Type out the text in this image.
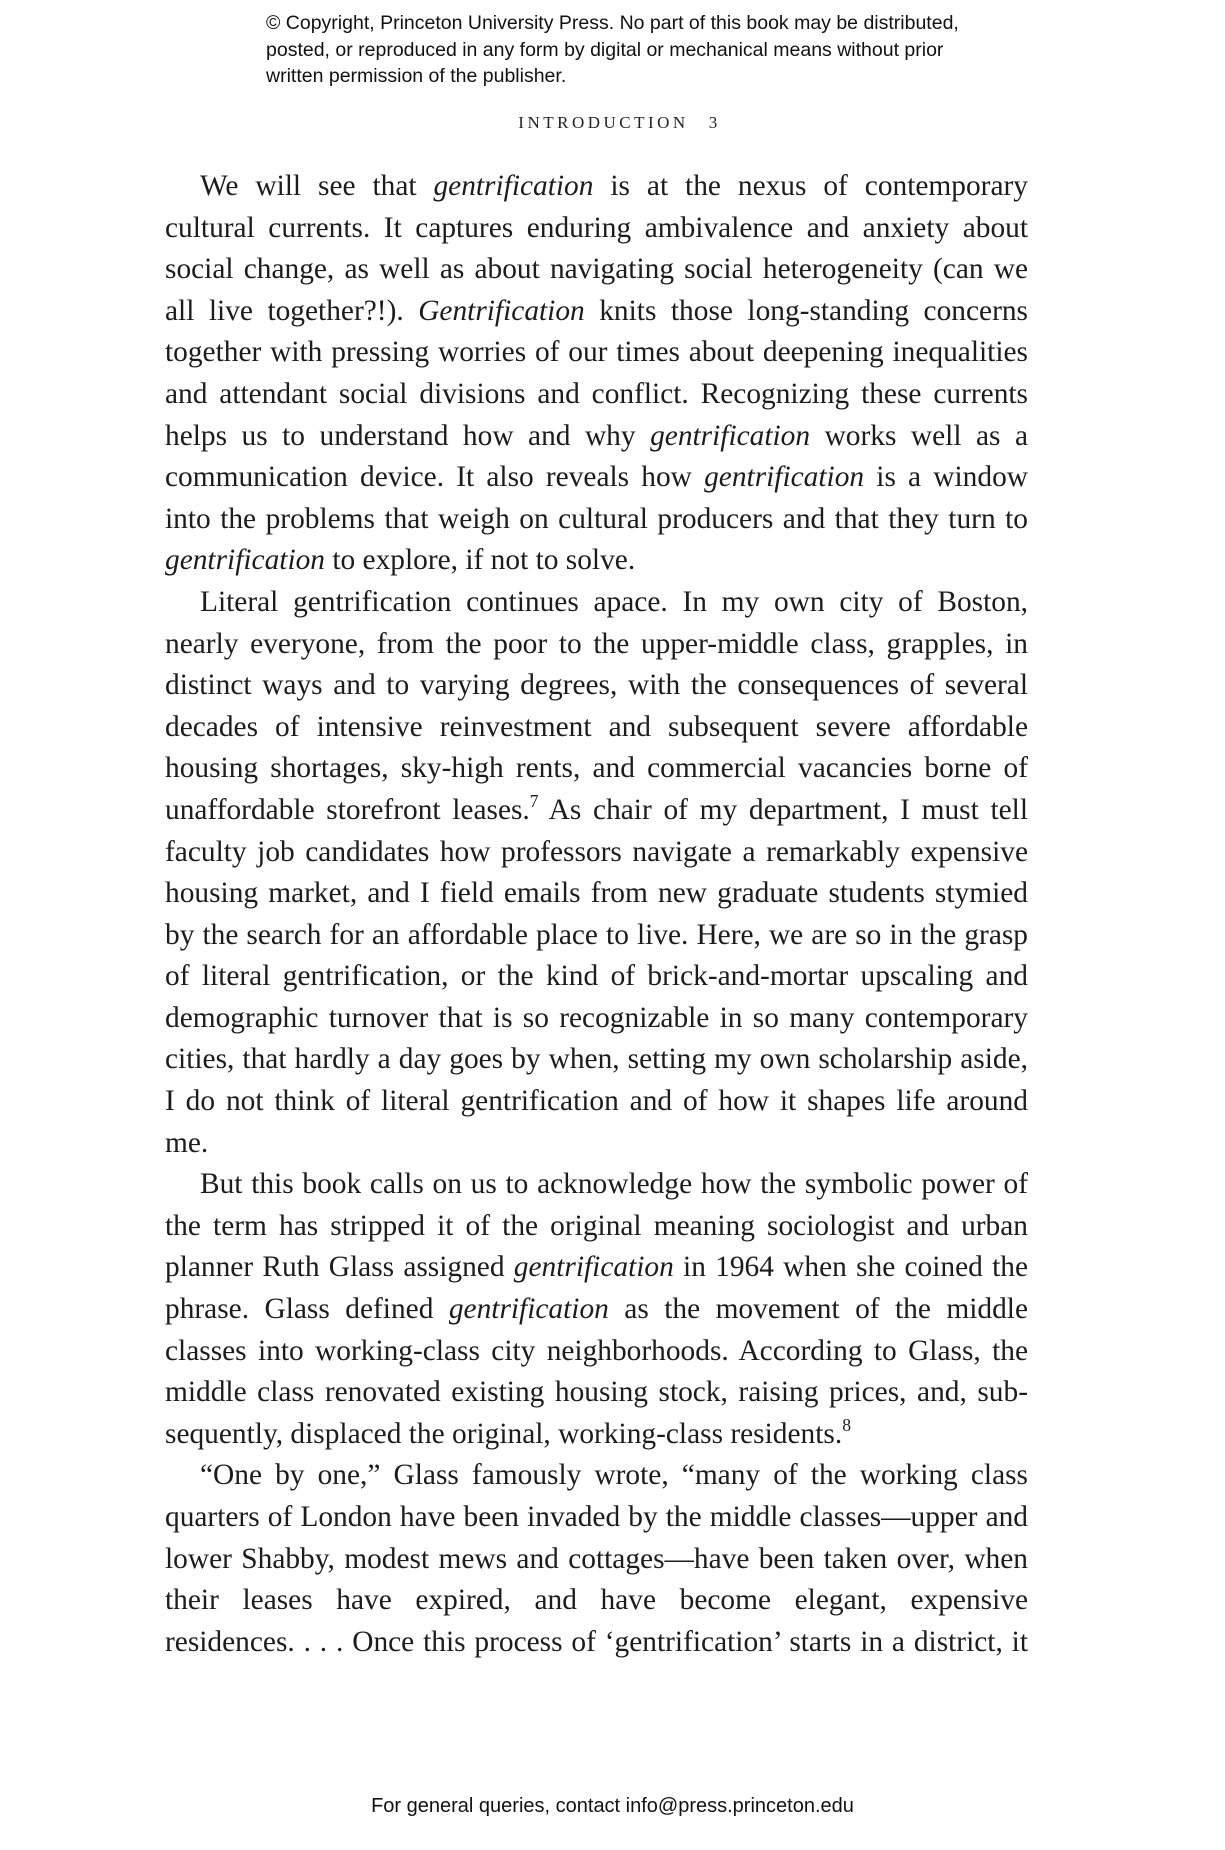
© Copyright, Princeton University Press. No part of this book may be distributed, posted, or reproduced in any form by digital or mechanical means without prior written permission of the publisher.
INTRODUCTION 3

We will see that gentrification is at the nexus of contemporary cultural currents. It captures enduring ambivalence and anxiety about social change, as well as about navigating social heterogeneity (can we all live together?!). Gentrification knits those long-standing concerns together with pressing worries of our times about deepening inequalities and attendant social divisions and conflict. Recognizing these currents helps us to understand how and why gentrification works well as a communication device. It also reveals how gentrification is a window into the problems that weigh on cultural producers and that they turn to gentrification to explore, if not to solve.

Literal gentrification continues apace. In my own city of Boston, nearly everyone, from the poor to the upper-middle class, grapples, in distinct ways and to varying degrees, with the consequences of several decades of intensive reinvestment and subsequent severe affordable housing shortages, sky-high rents, and commercial vacancies borne of unaffordable storefront leases.$^7$ As chair of my department, I must tell faculty job candidates how professors navigate a remarkably expensive housing market, and I field emails from new graduate students stymied by the search for an affordable place to live. Here, we are so in the grasp of literal gentrification, or the kind of brick-and-mortar upscaling and demographic turnover that is so recognizable in so many contemporary cities, that hardly a day goes by when, setting my own scholarship aside, I do not think of literal gentrification and of how it shapes life around me.

But this book calls on us to acknowledge how the symbolic power of the term has stripped it of the original meaning sociologist and urban planner Ruth Glass assigned gentrification in 1964 when she coined the phrase. Glass defined gentrification as the movement of the middle classes into working-class city neighborhoods. According to Glass, the middle class renovated existing housing stock, raising prices, and, subsequently, displaced the original, working-class residents.$^8$

“One by one,” Glass famously wrote, “many of the working class quarters of London have been invaded by the middle classes—upper and lower Shabby, modest mews and cottages—have been taken over, when their leases have expired, and have become elegant, expensive residences. . . . Once this process of ‘gentrification’ starts in a district, it

For general queries, contact info@press.princeton.edu
